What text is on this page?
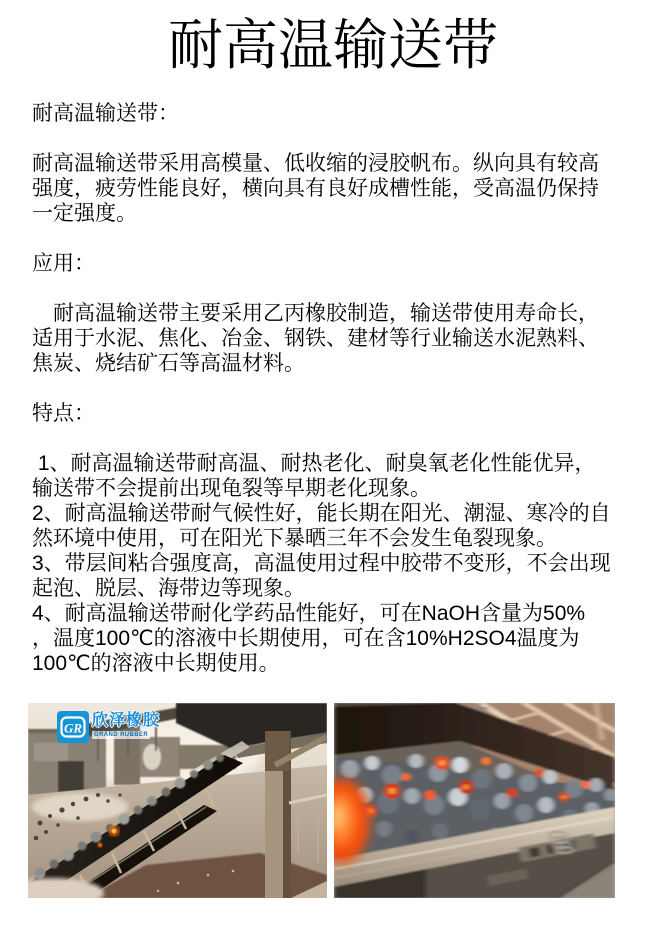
耐高温输送带
耐高温输送带：
耐高温输送带采用高模量、低收缩的浸胶帆布。纵向具有较高
强度，疲劳性能良好，横向具有良好成槽性能，受高温仍保持
一定强度。
应用：
　耐高温输送带主要采用乙丙橡胶制造，输送带使用寿命长，
适用于水泥、焦化、冶金、钢铁、建材等行业输送水泥熟料、
焦炭、烧结矿石等高温材料。
特点：
1、耐高温输送带耐高温、耐热老化、耐臭氧老化性能优异，
输送带不会提前出现龟裂等早期老化现象。
2、耐高温输送带耐气候性好，能长期在阳光、潮湿、寒冷的自
然环境中使用，可在阳光下暴晒三年不会发生龟裂现象。
3、带层间粘合强度高，高温使用过程中胶带不变形，不会出现
起泡、脱层、海带边等现象。
4、耐高温输送带耐化学药品性能好，可在NaOH含量为50%
，温度100℃的溶液中长期使用，可在含10%H2SO4温度为
100℃的溶液中长期使用。
GR 欣泽橡胶
GRAND RUBBER
